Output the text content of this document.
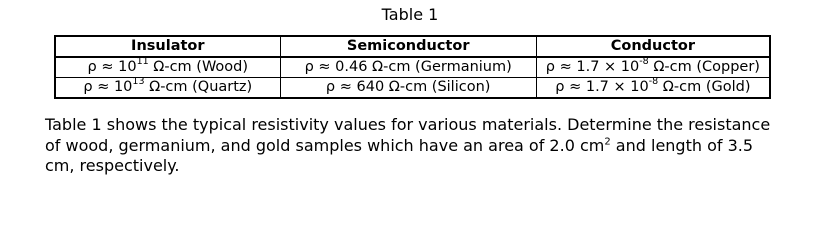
Table 1
Insulator	Semiconductor	Conductor
$\rho \approx 10^{11}$ Ω-cm (Wood)	ρ ≈ 0.46 Ω-cm (Germanium)	$\rho \approx 1.7 \times 10^{-8}$ Ω-cm (Copper)
$\rho \approx 10^{13}$ Ω-cm (Quartz)	ρ ≈ 640 Ω-cm (Silicon)	$\rho \approx 1.7 \times 10^{-8}$ Ω-cm (Gold)
Table 1 shows the typical resistivity values for various materials. Determine the resistance of wood, germanium, and gold samples which have an area of 2.0 $cm^2$ and length of 3.5 cm, respectively.
